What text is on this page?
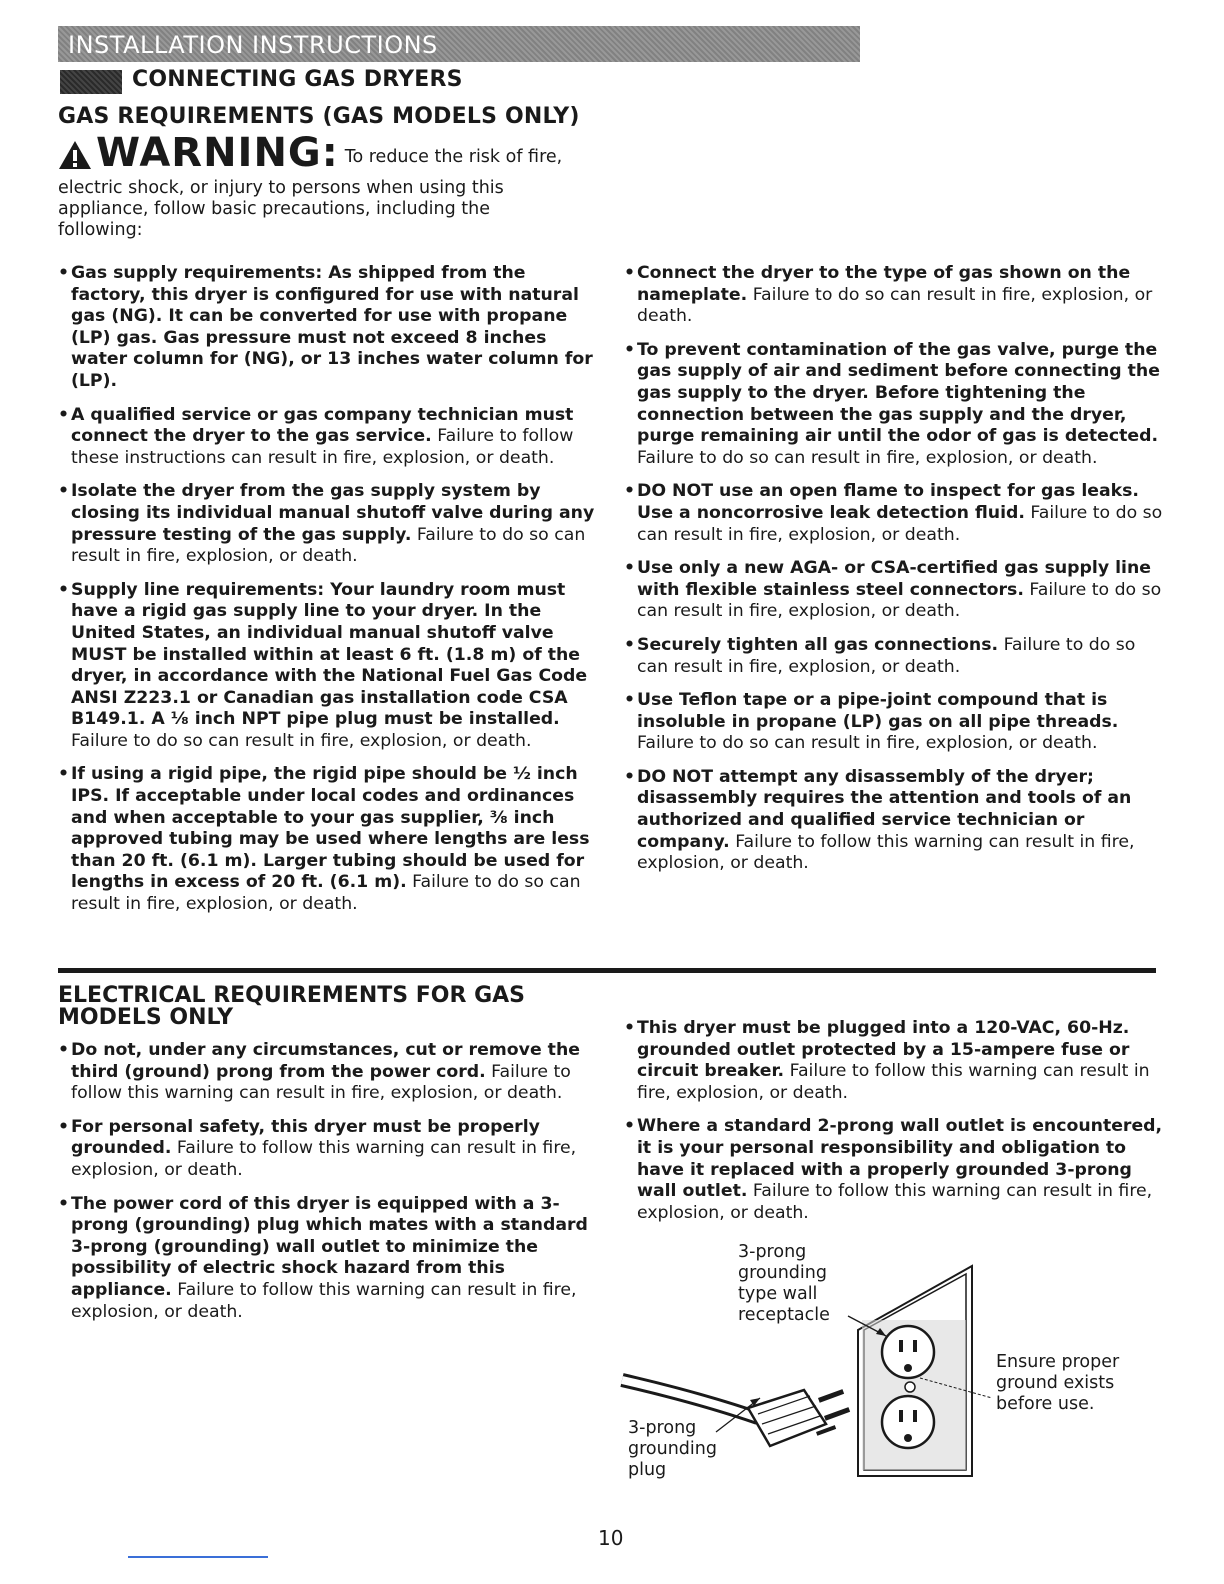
INSTALLATION INSTRUCTIONS
CONNECTING GAS DRYERS
GAS REQUIREMENTS (GAS MODELS ONLY)
WARNING: To reduce the risk of fire,
electric shock, or injury to persons when using this appliance, follow basic precautions, including the following:
• Gas supply requirements: As shipped from the factory, this dryer is configured for use with natural gas (NG). It can be converted for use with propane (LP) gas. Gas pressure must not exceed 8 inches water column for (NG), or 13 inches water column for (LP).
• A qualified service or gas company technician must connect the dryer to the gas service. Failure to follow these instructions can result in fire, explosion, or death.
• Isolate the dryer from the gas supply system by closing its individual manual shutoff valve during any pressure testing of the gas supply. Failure to do so can result in fire, explosion, or death.
• Supply line requirements: Your laundry room must have a rigid gas supply line to your dryer. In the United States, an individual manual shutoff valve MUST be installed within at least 6 ft. (1.8 m) of the dryer, in accordance with the National Fuel Gas Code ANSI Z223.1 or Canadian gas installation code CSA B149.1. A ⅛ inch NPT pipe plug must be installed. Failure to do so can result in fire, explosion, or death.
• If using a rigid pipe, the rigid pipe should be ½ inch IPS. If acceptable under local codes and ordinances and when acceptable to your gas supplier, ⅜ inch approved tubing may be used where lengths are less than 20 ft. (6.1 m). Larger tubing should be used for lengths in excess of 20 ft. (6.1 m). Failure to do so can result in fire, explosion, or death.
• Connect the dryer to the type of gas shown on the nameplate. Failure to do so can result in fire, explosion, or death.
• To prevent contamination of the gas valve, purge the gas supply of air and sediment before connecting the gas supply to the dryer. Before tightening the connection between the gas supply and the dryer, purge remaining air until the odor of gas is detected. Failure to do so can result in fire, explosion, or death.
• DO NOT use an open flame to inspect for gas leaks. Use a noncorrosive leak detection fluid. Failure to do so can result in fire, explosion, or death.
• Use only a new AGA- or CSA-certified gas supply line with flexible stainless steel connectors. Failure to do so can result in fire, explosion, or death.
• Securely tighten all gas connections. Failure to do so can result in fire, explosion, or death.
• Use Teflon tape or a pipe-joint compound that is insoluble in propane (LP) gas on all pipe threads. Failure to do so can result in fire, explosion, or death.
• DO NOT attempt any disassembly of the dryer; disassembly requires the attention and tools of an authorized and qualified service technician or company. Failure to follow this warning can result in fire, explosion, or death.
ELECTRICAL REQUIREMENTS FOR GAS MODELS ONLY
• Do not, under any circumstances, cut or remove the third (ground) prong from the power cord. Failure to follow this warning can result in fire, explosion, or death.
• For personal safety, this dryer must be properly grounded. Failure to follow this warning can result in fire, explosion, or death.
• The power cord of this dryer is equipped with a 3-prong (grounding) plug which mates with a standard 3-prong (grounding) wall outlet to minimize the possibility of electric shock hazard from this appliance. Failure to follow this warning can result in fire, explosion, or death.
• This dryer must be plugged into a 120-VAC, 60-Hz. grounded outlet protected by a 15-ampere fuse or circuit breaker. Failure to follow this warning can result in fire, explosion, or death.
• Where a standard 2-prong wall outlet is encountered, it is your personal responsibility and obligation to have it replaced with a properly grounded 3-prong wall outlet. Failure to follow this warning can result in fire, explosion, or death.
3-prong
grounding
type wall
receptacle
3-prong
grounding
plug
Ensure proper
ground exists
before use.
10
